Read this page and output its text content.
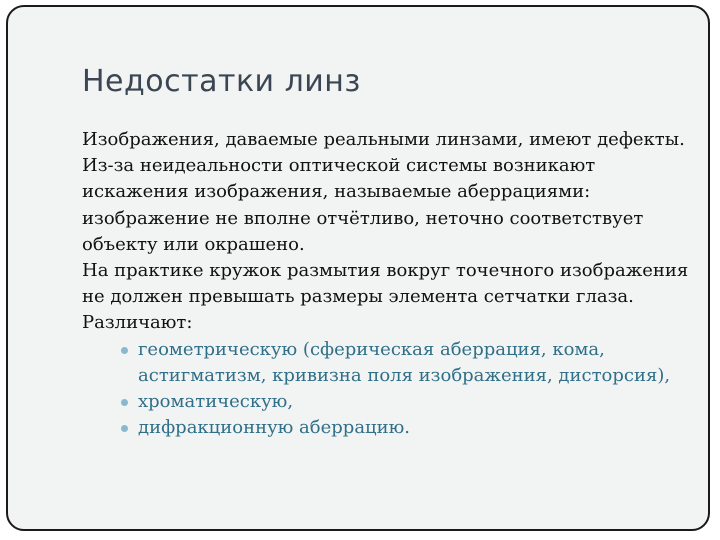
Недостатки линз

Изображения, даваемые реальными линзами, имеют дефекты. Из-за неидеальности оптической системы возникают искажения изображения, называемые аберрациями: изображение не вполне отчётливо, неточно соответствует объекту или окрашено.

На практике кружок размытия вокруг точечного изображения не должен превышать размеры элемента сетчатки глаза.

Различают:

геометрическую (сферическая аберрация, кома, астигматизм, кривизна поля изображения, дисторсия),
хроматическую,
дифракционную аберрацию.
